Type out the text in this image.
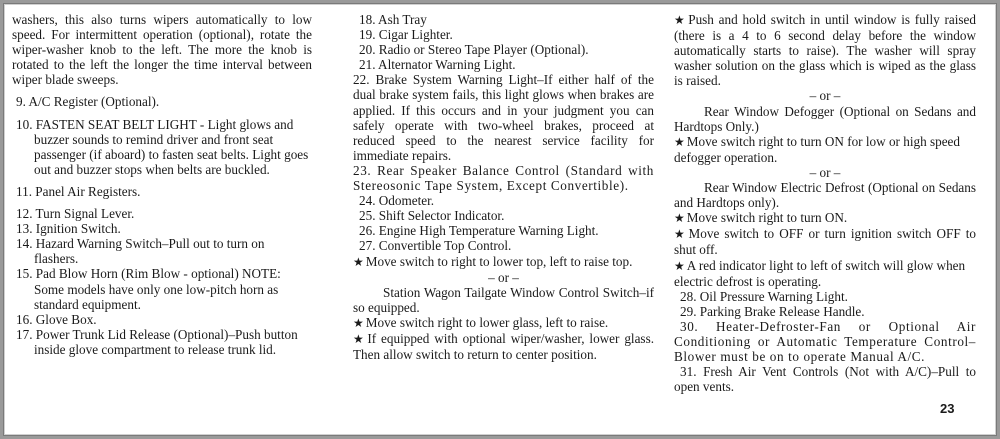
washers, this also turns wipers automatically to low speed. For intermittent operation (optional), rotate the wiper-washer knob to the left. The more the knob is rotated to the left the longer the time interval between wiper blade sweeps.

9. A/C Register (Optional).

10. FASTEN SEAT BELT LIGHT - Light glows and buzzer sounds to remind driver and front seat passenger (if aboard) to fasten seat belts. Light goes out and buzzer stops when belts are buckled.

11. Panel Air Registers.

12. Turn Signal Lever.

13. Ignition Switch.

14. Hazard Warning Switch–Pull out to turn on flashers.

15. Pad Blow Horn (Rim Blow - optional) NOTE: Some models have only one low-pitch horn as standard equipment.

16. Glove Box.

17. Power Trunk Lid Release (Optional)–Push button inside glove compartment to release trunk lid.

18. Ash Tray

19. Cigar Lighter.

20. Radio or Stereo Tape Player (Optional).

21. Alternator Warning Light.

22. Brake System Warning Light–If either half of the dual brake system fails, this light glows when brakes are applied. If this occurs and in your judgment you can safely operate with two-wheel brakes, proceed at reduced speed to the nearest service facility for immediate repairs.

23. Rear Speaker Balance Control (Standard with Stereosonic Tape System, Except Convertible).

24. Odometer.

25. Shift Selector Indicator.

26. Engine High Temperature Warning Light.

27. Convertible Top Control.

★ Move switch to right to lower top, left to raise top.

– or –

Station Wagon Tailgate Window Control Switch–if so equipped.

★ Move switch right to lower glass, left to raise.

★ If equipped with optional wiper/washer, lower glass. Then allow switch to return to center position.

★ Push and hold switch in until window is fully raised (there is a 4 to 6 second delay before the window automatically starts to raise). The washer will spray washer solution on the glass which is wiped as the glass is raised.

– or –

Rear Window Defogger (Optional on Sedans and Hardtops Only.)

★ Move switch right to turn ON for low or high speed defogger operation.

– or –

Rear Window Electric Defrost (Optional on Sedans and Hardtops only).

★ Move switch right to turn ON.

★ Move switch to OFF or turn ignition switch OFF to shut off.

★ A red indicator light to left of switch will glow when electric defrost is operating.

28. Oil Pressure Warning Light.

29. Parking Brake Release Handle.

30. Heater-Defroster-Fan or Optional Air Conditioning or Automatic Temperature Control–Blower must be on to operate Manual A/C.

31. Fresh Air Vent Controls (Not with A/C)–Pull to open vents.

23
